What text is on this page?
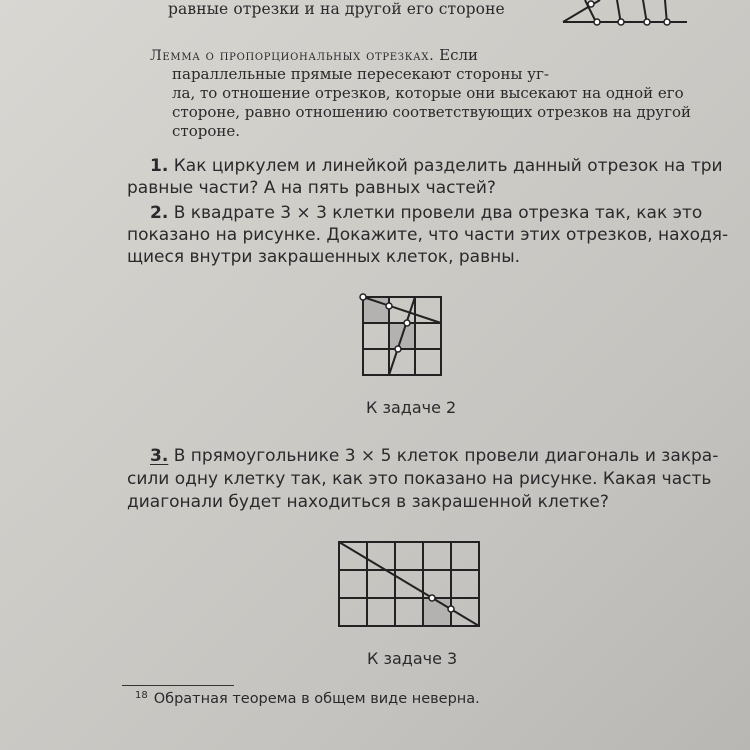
равные отрезки и на другой его стороне
Лемма о пропорциональных отрезках. Если
параллельные прямые пересекают стороны уг-
ла, то отношение отрезков, которые они высекают на одной его
стороне, равно отношению соответствующих отрезков на другой
стороне.
1. Как циркулем и линейкой разделить данный отрезок на три
равные части? А на пять равных частей?
2. В квадрате 3 × 3 клетки провели два отрезка так, как это
показано на рисунке. Докажите, что части этих отрезков, находя-
щиеся внутри закрашенных клеток, равны.
К задаче 2
3. В прямоугольнике 3 × 5 клеток провели диагональ и закра-
сили одну клетку так, как это показано на рисунке. Какая часть
диагонали будет находиться в закрашенной клетке?
К задаче 3
$^{18}$ Обратная теорема в общем виде неверна.
